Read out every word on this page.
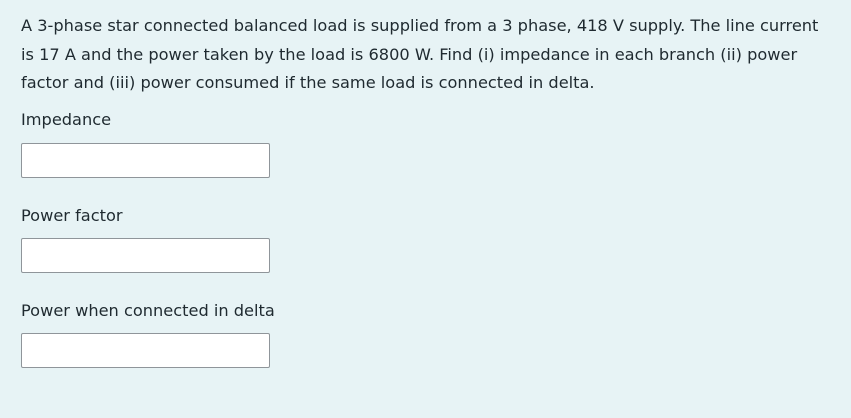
A 3-phase star connected balanced load is supplied from a 3 phase, 418 V supply. The line current is 17 A and the power taken by the load is 6800 W. Find (i) impedance in each branch (ii) power factor and (iii) power consumed if the same load is connected in delta.

Impedance
Power factor
Power when connected in delta
